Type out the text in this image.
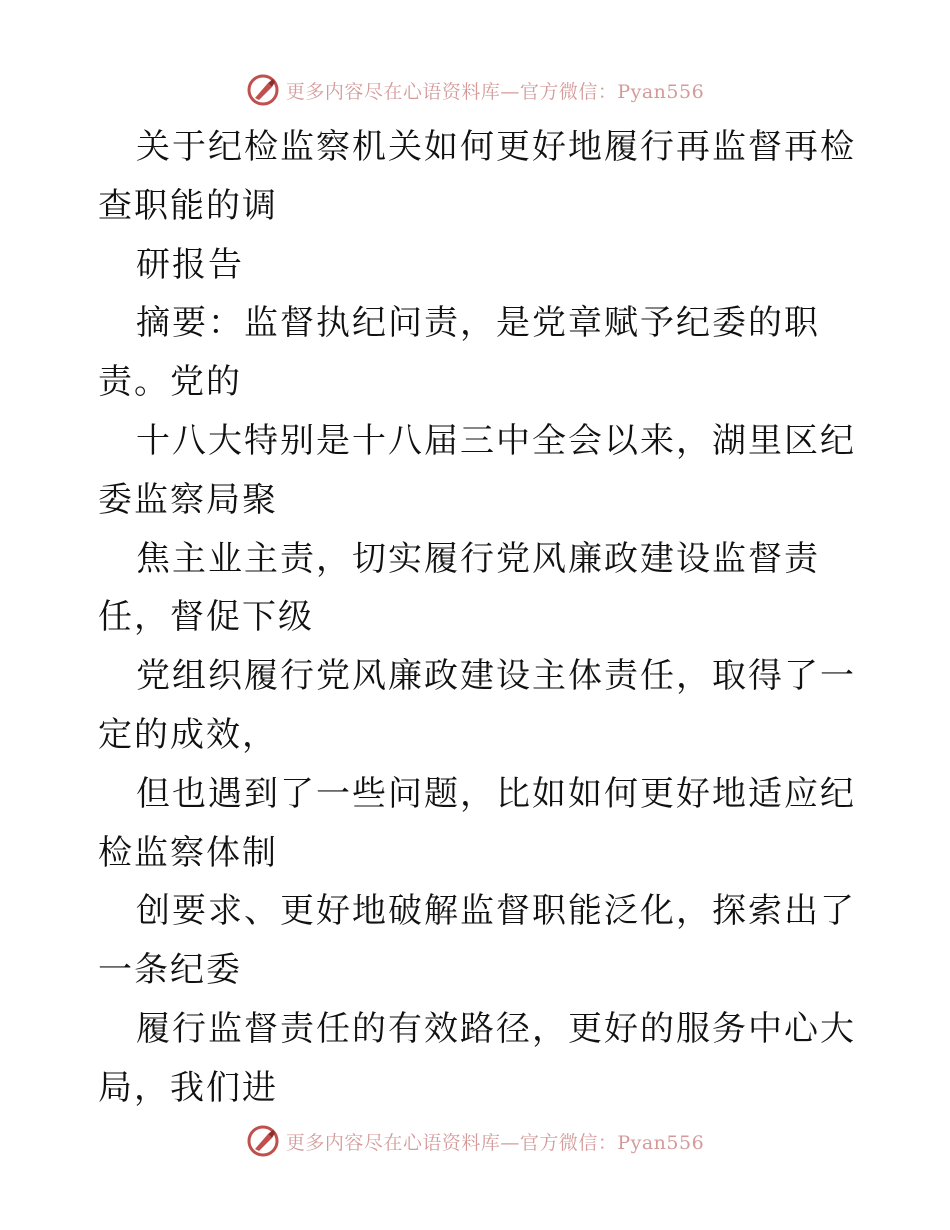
更多内容尽在心语资料库—官方微信：Pyan556

关于纪检监察机关如何更好地履行再监督再检查职能的调

研报告

摘要：监督执纪问责，是党章赋予纪委的职责。党的

十八大特别是十八届三中全会以来，湖里区纪委监察局聚

焦主业主责，切实履行党风廉政建设监督责任，督促下级

党组织履行党风廉政建设主体责任，取得了一定的成效，

但也遇到了一些问题，比如如何更好地适应纪检监察体制

创要求、更好地破解监督职能泛化，探索出了一条纪委

履行监督责任的有效路径，更好的服务中心大局，我们进

更多内容尽在心语资料库—官方微信：Pyan556
